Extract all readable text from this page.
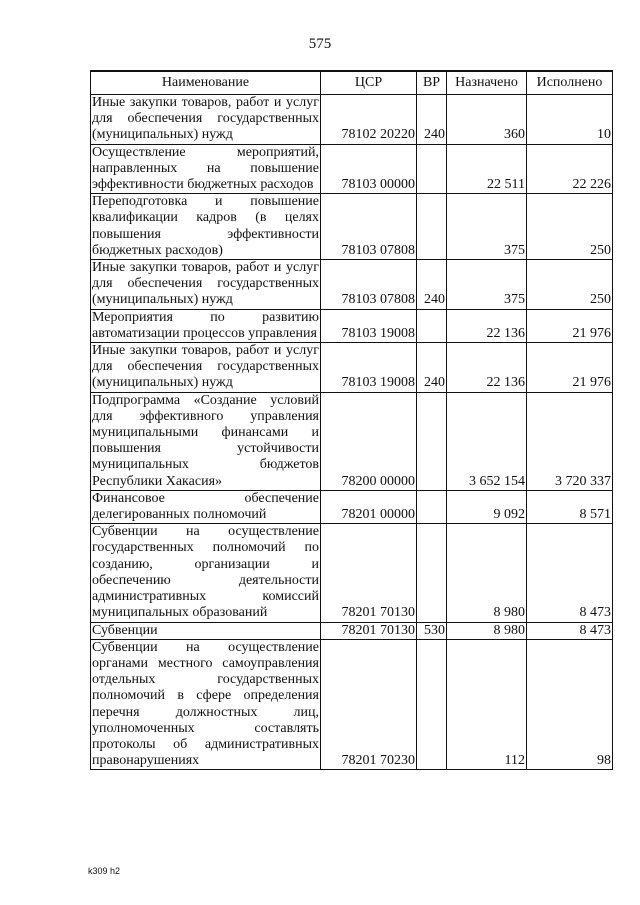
575
Наименование	ЦСР	ВР	Назначено	Исполнено
Иные закупки товаров, работ и услуг для обеспечения государственных (муниципальных) нужд	78102 20220	240	360	10
Осуществление мероприятий, направленных на повышение эффективности бюджетных расходов	78103 00000		22 511	22 226
Переподготовка и повышение квалификации кадров (в целях повышения эффективности бюджетных расходов)	78103 07808		375	250
Иные закупки товаров, работ и услуг для обеспечения государственных (муниципальных) нужд	78103 07808	240	375	250
Мероприятия по развитию автоматизации процессов управления	78103 19008		22 136	21 976
Иные закупки товаров, работ и услуг для обеспечения государственных (муниципальных) нужд	78103 19008	240	22 136	21 976
Подпрограмма «Создание условий для эффективного управления муниципальными финансами и повышения устойчивости муниципальных бюджетов Республики Хакасия»	78200 00000		3 652 154	3 720 337
Финансовое обеспечение делегированных полномочий	78201 00000		9 092	8 571
Субвенции на осуществление государственных полномочий по созданию, организации и обеспечению деятельности административных комиссий муниципальных образований	78201 70130		8 980	8 473
Субвенции	78201 70130	530	8 980	8 473
Субвенции на осуществление органами местного самоуправления отдельных государственных полномочий в сфере определения перечня должностных лиц, уполномоченных составлять протоколы об административных правонарушениях	78201 70230		112	98
k309 h2
